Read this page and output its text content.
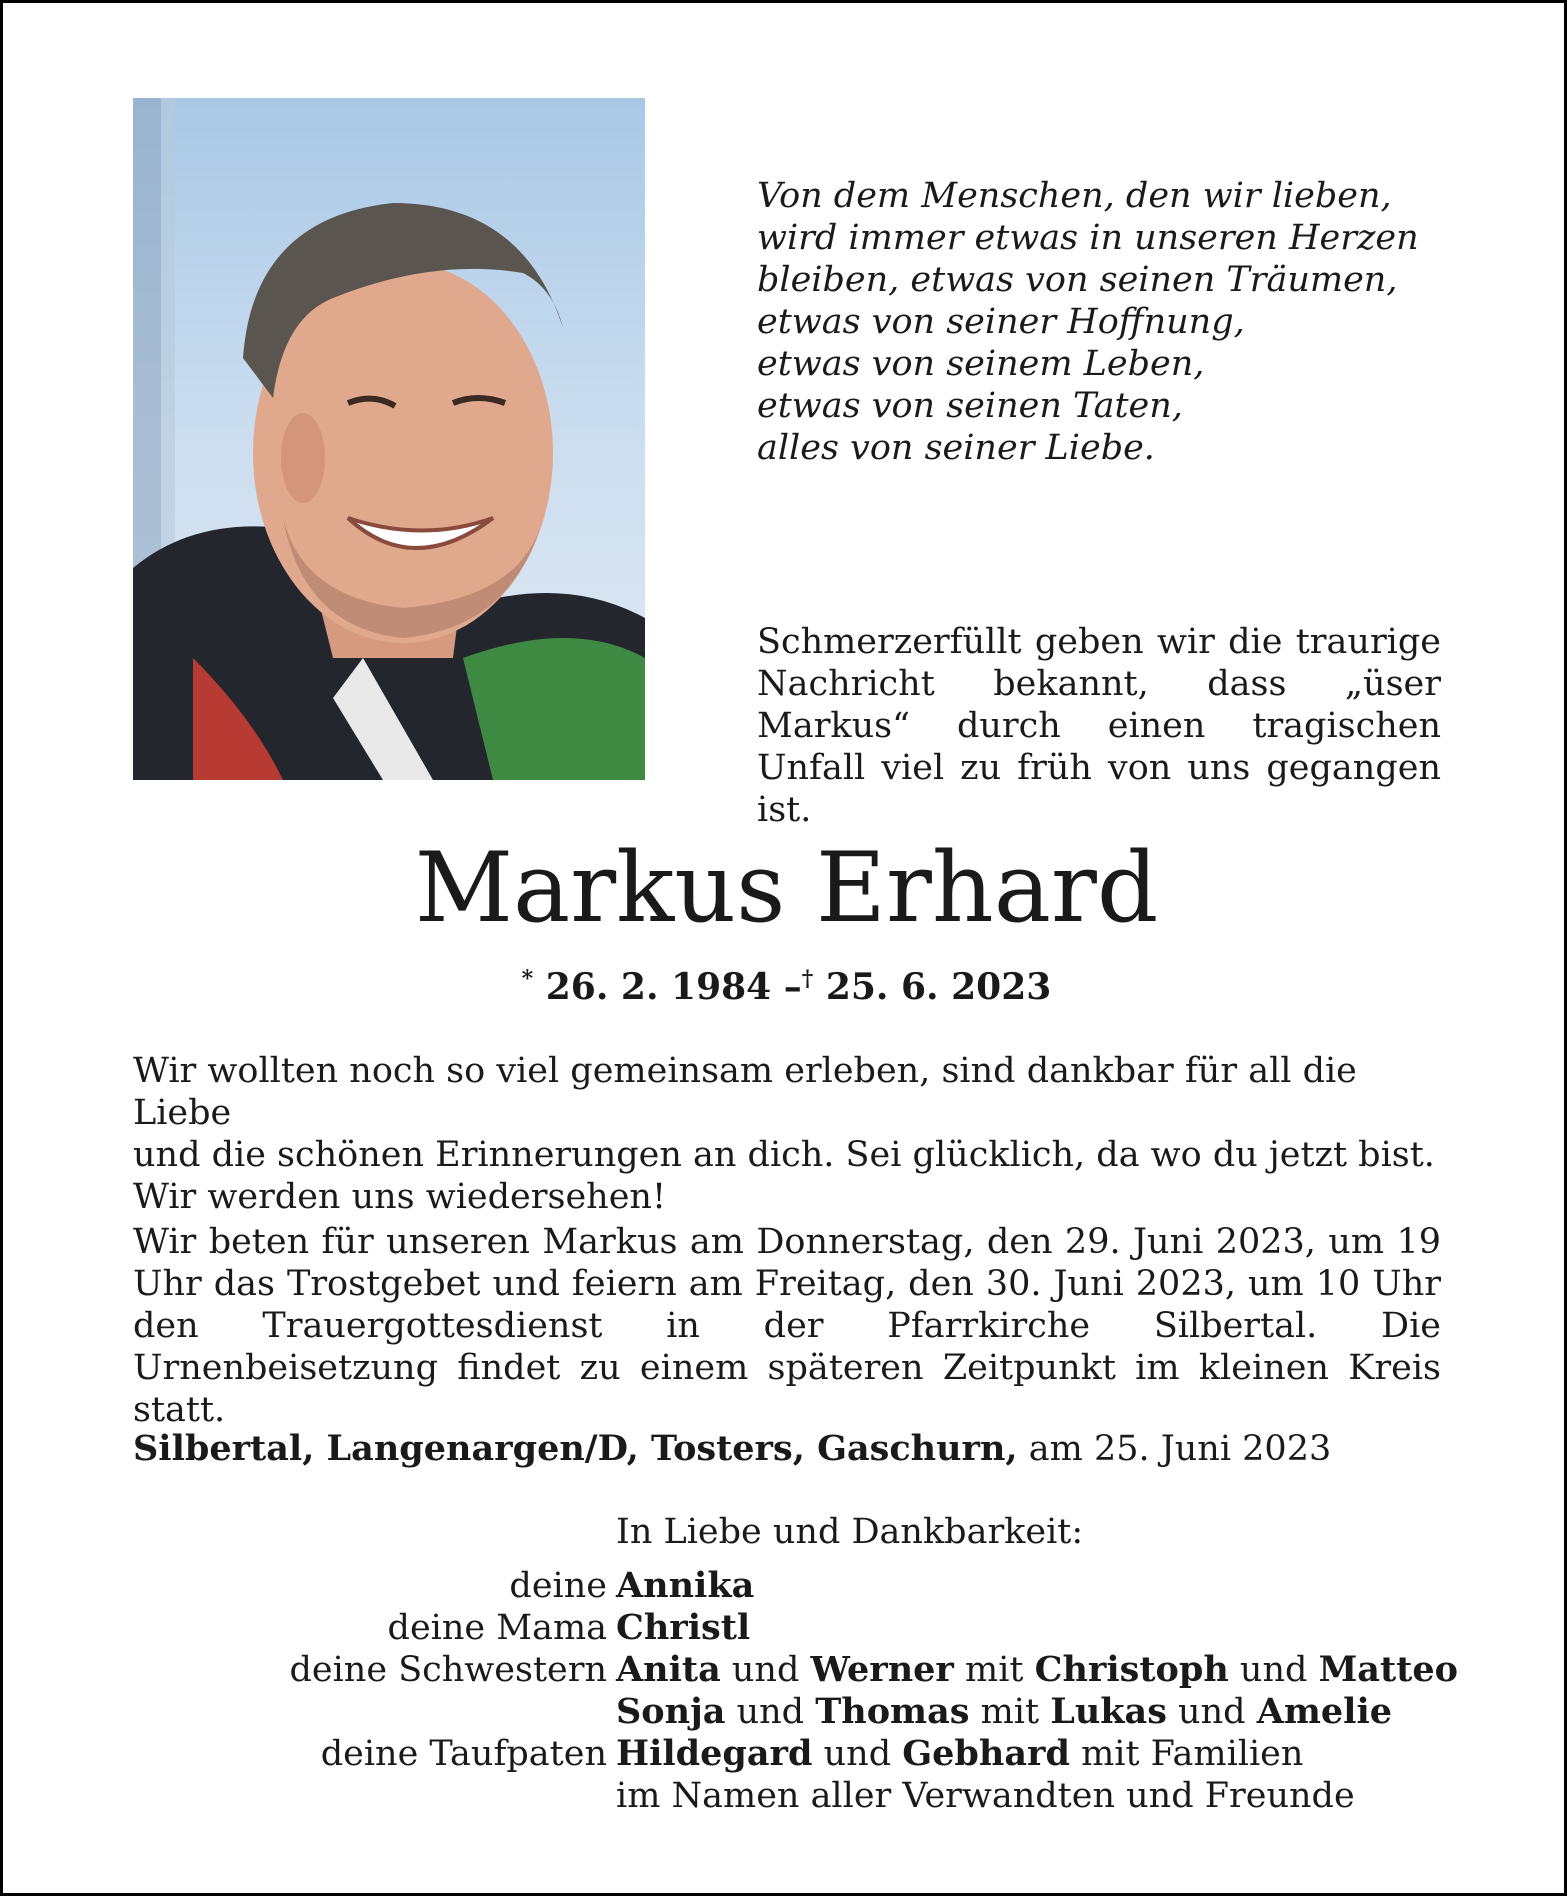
Von dem Menschen, den wir lieben,
wird immer etwas in unseren Herzen
bleiben, etwas von seinen Träumen,
etwas von seiner Hoffnung,
etwas von seinem Leben,
etwas von seinen Taten,
alles von seiner Liebe.
Schmerzerfüllt geben wir die traurige Nachricht bekannt, dass „üser Markus“ durch einen tragischen Unfall viel zu früh von uns gegangen ist.
Markus Erhard
* 26. 2. 1984 –† 25. 6. 2023
Wir wollten noch so viel gemeinsam erleben, sind dankbar für all die Liebe
und die schönen Erinnerungen an dich. Sei glücklich, da wo du jetzt bist.
Wir werden uns wiedersehen!
Wir beten für unseren Markus am Donnerstag, den 29. Juni 2023, um 19 Uhr das Trostgebet und feiern am Freitag, den 30. Juni 2023, um 10 Uhr den Trauergottesdienst in der Pfarrkirche Silbertal. Die Urnenbeisetzung findet zu einem späteren Zeitpunkt im kleinen Kreis statt.
Silbertal, Langenargen/D, Tosters, Gaschurn, am 25. Juni 2023
In Liebe und Dankbarkeit:
deine Annika
deine Mama Christl
deine Schwestern Anita und Werner mit Christoph und Matteo
Sonja und Thomas mit Lukas und Amelie
deine Taufpaten Hildegard und Gebhard mit Familien
im Namen aller Verwandten und Freunde
